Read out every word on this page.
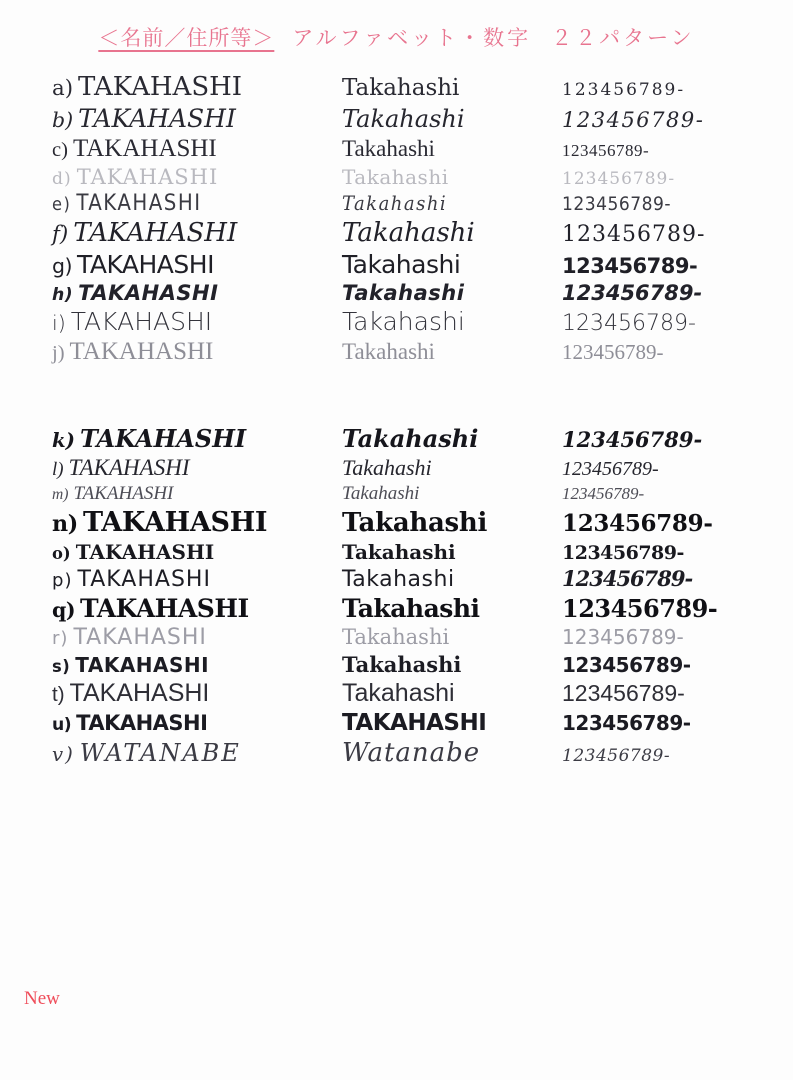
＜名前／住所等＞ アルファベット・数字 ２２パターン
a) TAKAHASHI	Takahashi	123456789-
b) TAKAHASHI	Takahashi	123456789-
c) TAKAHASHI	Takahashi	123456789-
d) TAKAHASHI	Takahashi	123456789-
e) TAKAHASHI	Takahashi	123456789-
f) TAKAHASHI	Takahashi	123456789-
g) TAKAHASHI	Takahashi	123456789-
h) TAKAHASHI	Takahashi	123456789-
i) TAKAHASHI	Takahashi	123456789-
j) TAKAHASHI	Takahashi	123456789-
k) TAKAHASHI	Takahashi	123456789-
l) TAKAHASHI	Takahashi	123456789-
m) TAKAHASHI	Takahashi	123456789-
n) TAKAHASHI	Takahashi	123456789-
o) TAKAHASHI	Takahashi	123456789-
p) TAKAHASHI	Takahashi	123456789-
q) TAKAHASHI	Takahashi	123456789-
r) TAKAHASHI	Takahashi	123456789-
s) TAKAHASHI	Takahashi	123456789-
t) TAKAHASHI	Takahashi	123456789-
u) TAKAHASHI	TAKAHASHI	123456789-
v) WATANABE	Watanabe	123456789-
New
